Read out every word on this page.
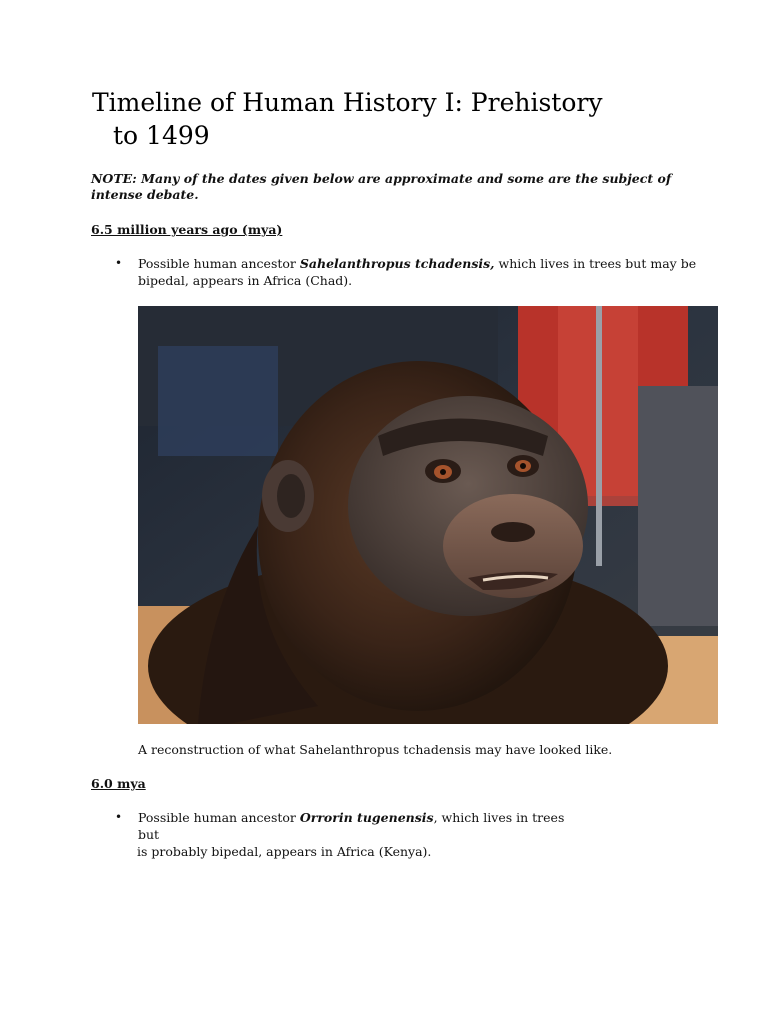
Timeline of Human History I: Prehistory
to 1499

NOTE: Many of the dates given below are approximate and some are the subject of intense debate.

6.5 million years ago (mya)

• Possible human ancestor Sahelanthropus tchadensis, which lives in trees but may be bipedal, appears in Africa (Chad).

A reconstruction of what Sahelanthropus tchadensis may have looked like.

6.0 mya

• Possible human ancestor Orrorin tugenensis, which lives in trees but
is probably bipedal, appears in Africa (Kenya).
